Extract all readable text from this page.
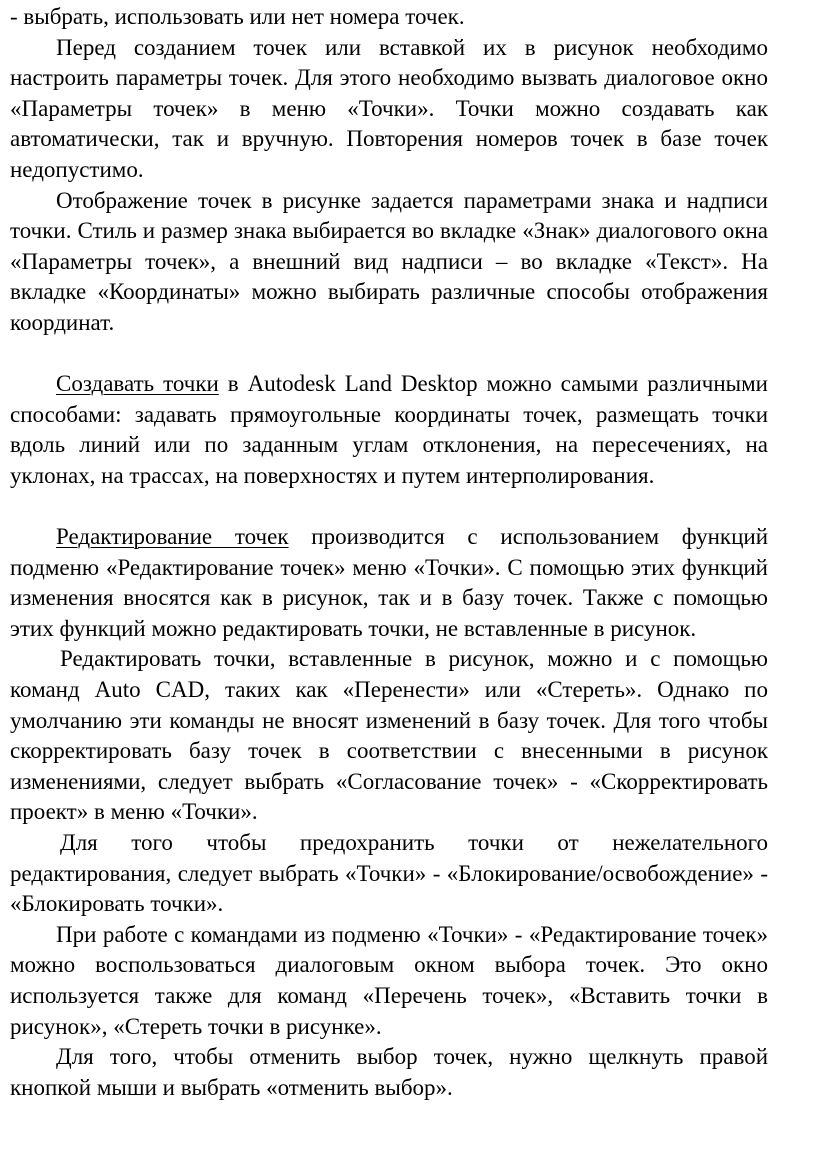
- выбрать, использовать или нет номера точек.

Перед созданием точек или вставкой их в рисунок необходимо настроить параметры точек. Для этого необходимо вызвать диалоговое окно «Параметры точек» в меню «Точки». Точки можно создавать как автоматически, так и вручную. Повторения номеров точек в базе точек недопустимо.

Отображение точек в рисунке задается параметрами знака и надписи точки. Стиль и размер знака выбирается во вкладке «Знак» диалогового окна «Параметры точек», а внешний вид надписи – во вкладке «Текст». На вкладке «Координаты» можно выбирать различные способы отображения координат.

Создавать точки в Autodesk Land Desktop можно самыми различными способами: задавать прямоугольные координаты точек, размещать точки вдоль линий или по заданным углам отклонения, на пересечениях, на уклонах, на трассах, на поверхностях и путем интерполирования.

Редактирование точек производится с использованием функций подменю «Редактирование точек» меню «Точки». С помощью этих функций изменения вносятся как в рисунок, так и в базу точек. Также с помощью этих функций можно редактировать точки, не вставленные в рисунок.

Редактировать точки, вставленные в рисунок, можно и с помощью команд Auto CAD, таких как «Перенести» или «Стереть». Однако по умолчанию эти команды не вносят изменений в базу точек. Для того чтобы скорректировать базу точек в соответствии с внесенными в рисунок изменениями, следует выбрать «Согласование точек» - «Скорректировать проект» в меню «Точки».

Для того чтобы предохранить точки от нежелательного редактирования, следует выбрать «Точки» - «Блокирование/освобождение» - «Блокировать точки».

При работе с командами из подменю «Точки» - «Редактирование точек» можно воспользоваться диалоговым окном выбора точек. Это окно используется также для команд «Перечень точек», «Вставить точки в рисунок», «Стереть точки в рисунке».

Для того, чтобы отменить выбор точек, нужно щелкнуть правой кнопкой мыши и выбрать «отменить выбор».
